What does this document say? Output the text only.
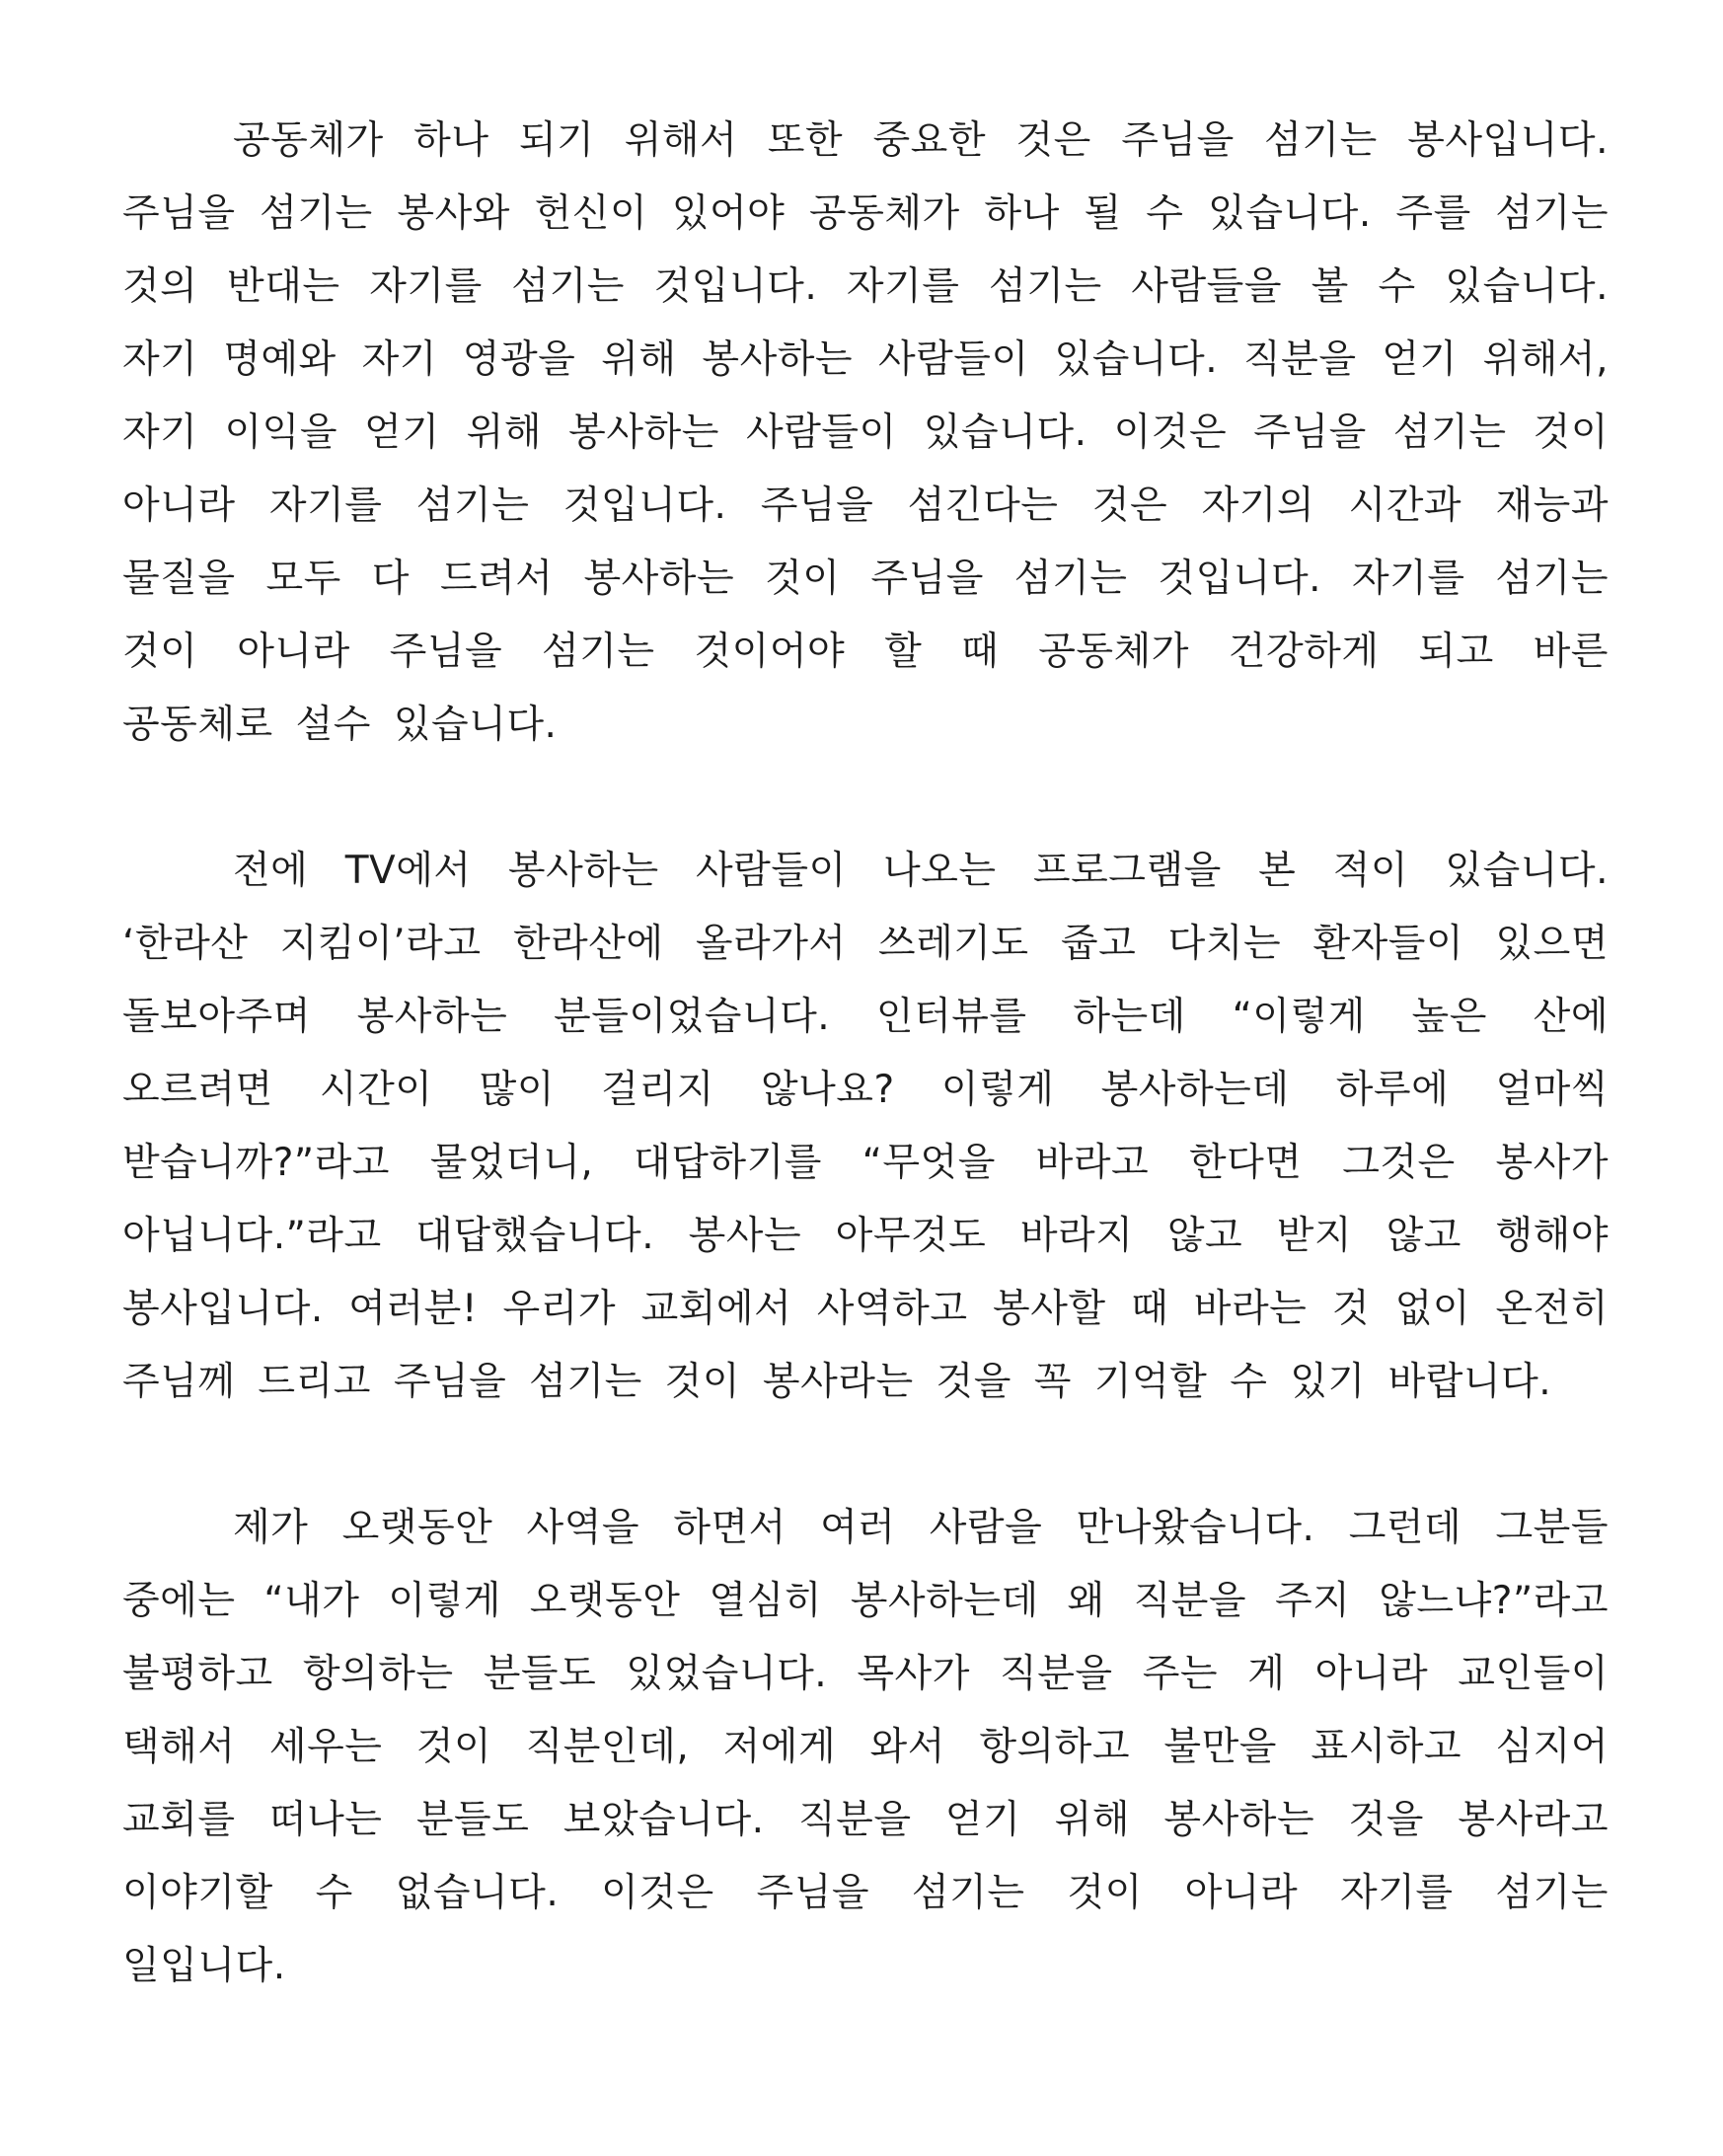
공동체가 하나 되기 위해서 또한 중요한 것은 주님을 섬기는 봉사입니다. 주님을 섬기는 봉사와 헌신이 있어야 공동체가 하나 될 수 있습니다. 주를 섬기는 것의 반대는 자기를 섬기는 것입니다. 자기를 섬기는 사람들을 볼 수 있습니다. 자기 명예와 자기 영광을 위해 봉사하는 사람들이 있습니다. 직분을 얻기 위해서, 자기 이익을 얻기 위해 봉사하는 사람들이 있습니다. 이것은 주님을 섬기는 것이 아니라 자기를 섬기는 것입니다. 주님을 섬긴다는 것은 자기의 시간과 재능과 물질을 모두 다 드려서 봉사하는 것이 주님을 섬기는 것입니다. 자기를 섬기는 것이 아니라 주님을 섬기는 것이어야 할 때 공동체가 건강하게 되고 바른 공동체로 설수 있습니다.

전에 TV에서 봉사하는 사람들이 나오는 프로그램을 본 적이 있습니다. ‘한라산 지킴이’라고 한라산에 올라가서 쓰레기도 줍고 다치는 환자들이 있으면 돌보아주며 봉사하는 분들이었습니다. 인터뷰를 하는데 “이렇게 높은 산에 오르려면 시간이 많이 걸리지 않나요? 이렇게 봉사하는데 하루에 얼마씩 받습니까?”라고 물었더니, 대답하기를 “무엇을 바라고 한다면 그것은 봉사가 아닙니다.”라고 대답했습니다. 봉사는 아무것도 바라지 않고 받지 않고 행해야 봉사입니다. 여러분! 우리가 교회에서 사역하고 봉사할 때 바라는 것 없이 온전히 주님께 드리고 주님을 섬기는 것이 봉사라는 것을 꼭 기억할 수 있기 바랍니다.

제가 오랫동안 사역을 하면서 여러 사람을 만나왔습니다. 그런데 그분들 중에는 “내가 이렇게 오랫동안 열심히 봉사하는데 왜 직분을 주지 않느냐?”라고 불평하고 항의하는 분들도 있었습니다. 목사가 직분을 주는 게 아니라 교인들이 택해서 세우는 것이 직분인데, 저에게 와서 항의하고 불만을 표시하고 심지어 교회를 떠나는 분들도 보았습니다. 직분을 얻기 위해 봉사하는 것을 봉사라고 이야기할 수 없습니다. 이것은 주님을 섬기는 것이 아니라 자기를 섬기는 일입니다.
